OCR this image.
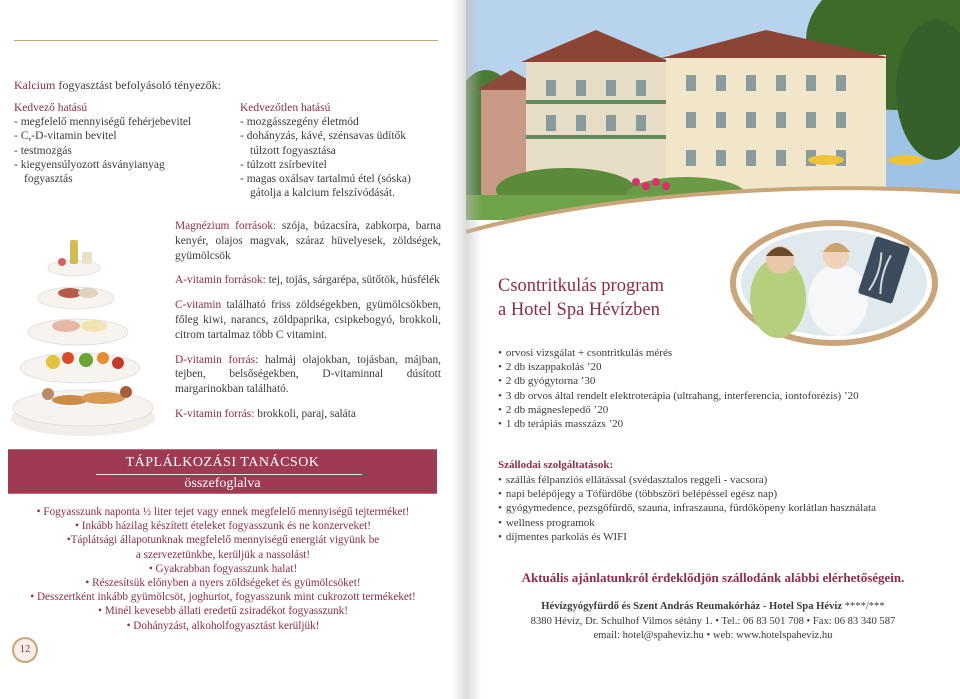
Kalcium fogyasztást befolyásoló tényezők:
Kedvező hatású
- megfelelő mennyiségű fehérjebevitel
- C,-D-vitamin bevitel
- testmozgás
- kiegyensúlyozott ásványianyag
fogyasztás
Kedvezőtlen hatású
- mozgásszegény életmód
- dohányzás, kávé, szénsavas üdítők
túlzott fogyasztása
- túlzott zsírbevitel
- magas oxálsav tartalmú étel (sóska)
gátolja a kalcium felszívódását.

Magnézium források: szója, búzacsíra, zabkorpa, barna kenyér, olajos magvak, száraz hüvelyesek, zöldségek, gyümölcsök

A-vitamin források: tej, tojás, sárgarépa, sütőtök, húsfélék

C-vitamin található friss zöldségekben, gyümölcsökben, főleg kiwi, narancs, zöldpaprika, csipkebogyó, brokkoli, citrom tartalmaz több C vitamint.

D-vitamin forrás: halmáj olajokban, tojásban, májban, tejben, belsőségekben, D-vitaminnal dúsított margarinokban található.

K-vitamin forrás: brokkoli, paraj, saláta

TÁPLÁLKOZÁSI TANÁCSOK
összefoglalva
• Fogyasszunk naponta ½ liter tejet vagy ennek megfelelő mennyiségű tejterméket!
• Inkább házilag készített ételeket fogyasszunk és ne konzerveket!
•Táplátsági állapotunknak megfelelő mennyiségű energiát vigyünk be
a szervezetünkbe, kerüljük a nassolást!
• Gyakrabban fogyasszunk halat!
• Részesítsük előnyben a nyers zöldségeket és gyümölcsöket!
• Desszertként inkább gyümölcsöt, joghurtot, fogyasszunk mint cukrozott termékeket!
• Minél kevesebb állati eredetű zsiradékot fogyasszunk!
• Dohányzást, alkoholfogyasztást kerüljük!
12
Csontritkulás program
a Hotel Spa Hévízben
• orvosi vizsgálat + csontritkulás mérés
• 2 db iszappakolás ’20
• 2 db gyógytorna ’30
• 3 db orvos által rendelt elektroterápia (ultrahang, interferencia, iontoforézis) ’20
• 2 db mágneslepedő ’20
• 1 db terápiás masszázs ’20
Szállodai szolgáltatások:
• szállás félpanziós ellátással (svédasztalos reggeli - vacsora)
• napi belépőjegy a Tófürdőbe (többszöri belépéssel egész nap)
• gyógymedence, pezsgőfürdő, szauna, infraszauna, fürdőköpeny korlátlan használata
• wellness programok
• díjmentes parkolás és WIFI
Aktuális ajánlatunkról érdeklődjön szállodánk alábbi elérhetőségein.
Hévízgyógyfürdő és Szent András Reumakórház - Hotel Spa Hévíz ****/***
8380 Hévíz, Dr. Schulhof Vilmos sétány 1. • Tel.: 06 83 501 708 • Fax: 06 83 340 587
email: hotel@spaheviz.hu • web: www.hotelspaheviz.hu
